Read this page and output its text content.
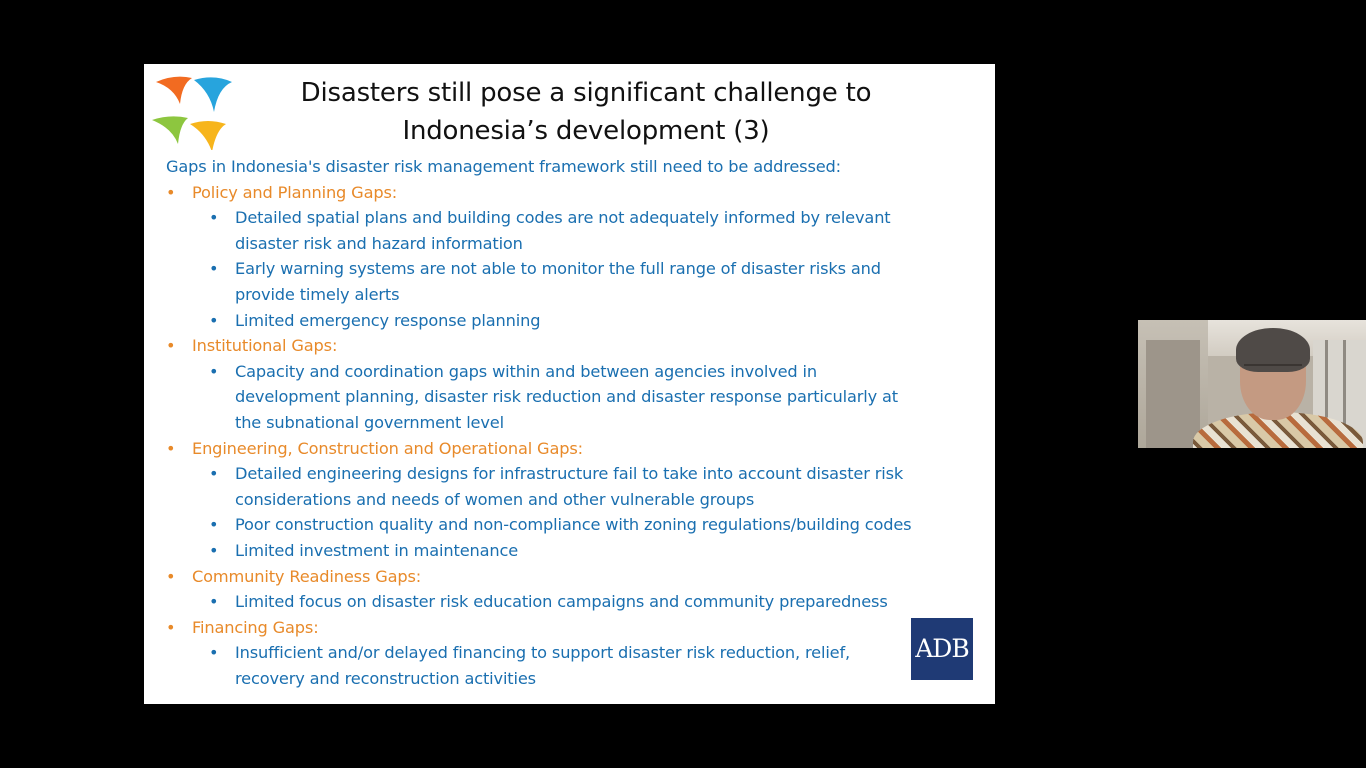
Disasters still pose a significant challenge to
Indonesia’s development (3)
Gaps in Indonesia's disaster risk management framework still need to be addressed:
• Policy and Planning Gaps:
• Detailed spatial plans and building codes are not adequately informed by relevant
disaster risk and hazard information
• Early warning systems are not able to monitor the full range of disaster risks and
provide timely alerts
• Limited emergency response planning
• Institutional Gaps:
• Capacity and coordination gaps within and between agencies involved in
development planning, disaster risk reduction and disaster response particularly at
the subnational government level
• Engineering, Construction and Operational Gaps:
• Detailed engineering designs for infrastructure fail to take into account disaster risk
considerations and needs of women and other vulnerable groups
• Poor construction quality and non-compliance with zoning regulations/building codes
• Limited investment in maintenance
• Community Readiness Gaps:
• Limited focus on disaster risk education campaigns and community preparedness
• Financing Gaps:
• Insufficient and/or delayed financing to support disaster risk reduction, relief,
recovery and reconstruction activities
ADB
